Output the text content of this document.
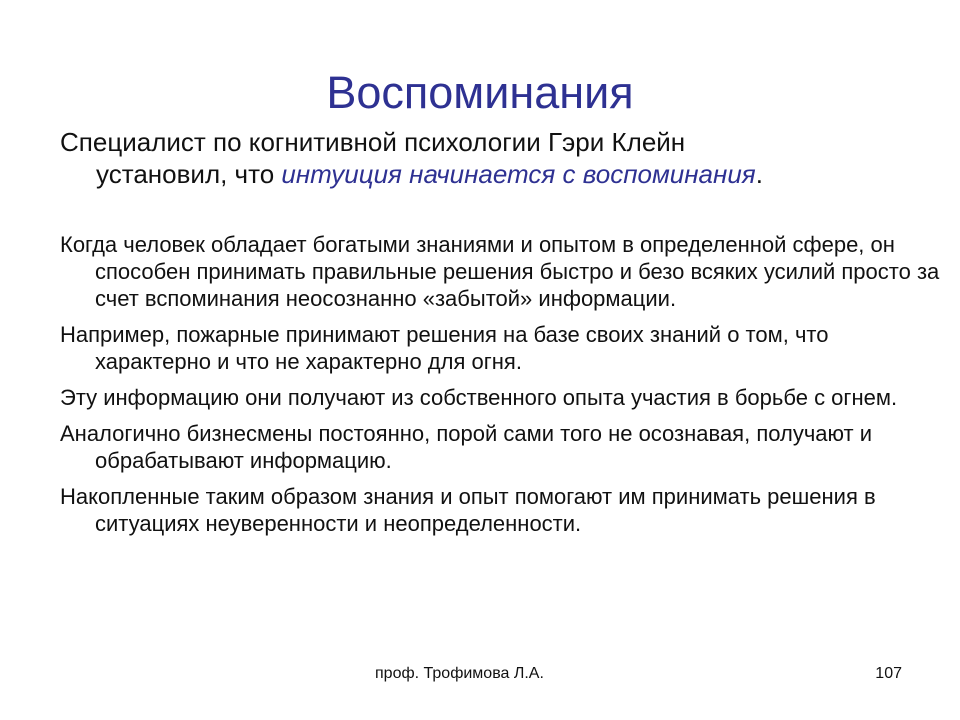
Воспоминания
Специалист по когнитивной психологии Гэри Клейн
установил, что интуиция начинается с воспоминания.

Когда человек обладает богатыми знаниями и опытом в определенной сфере, он способен принимать правильные решения быстро и безо всяких усилий просто за счет вспоминания неосознанно «забытой» информации.

Например, пожарные принимают решения на базе своих знаний о том, что характерно и что не характерно для огня.

Эту информацию они получают из собственного опыта участия в борьбе с огнем.

Аналогично бизнесмены постоянно, порой сами того не осознавая, получают и обрабатывают информацию.

Накопленные таким образом знания и опыт помогают им принимать решения в ситуациях неуверенности и неопределенности.

проф. Трофимова Л.А.	107
